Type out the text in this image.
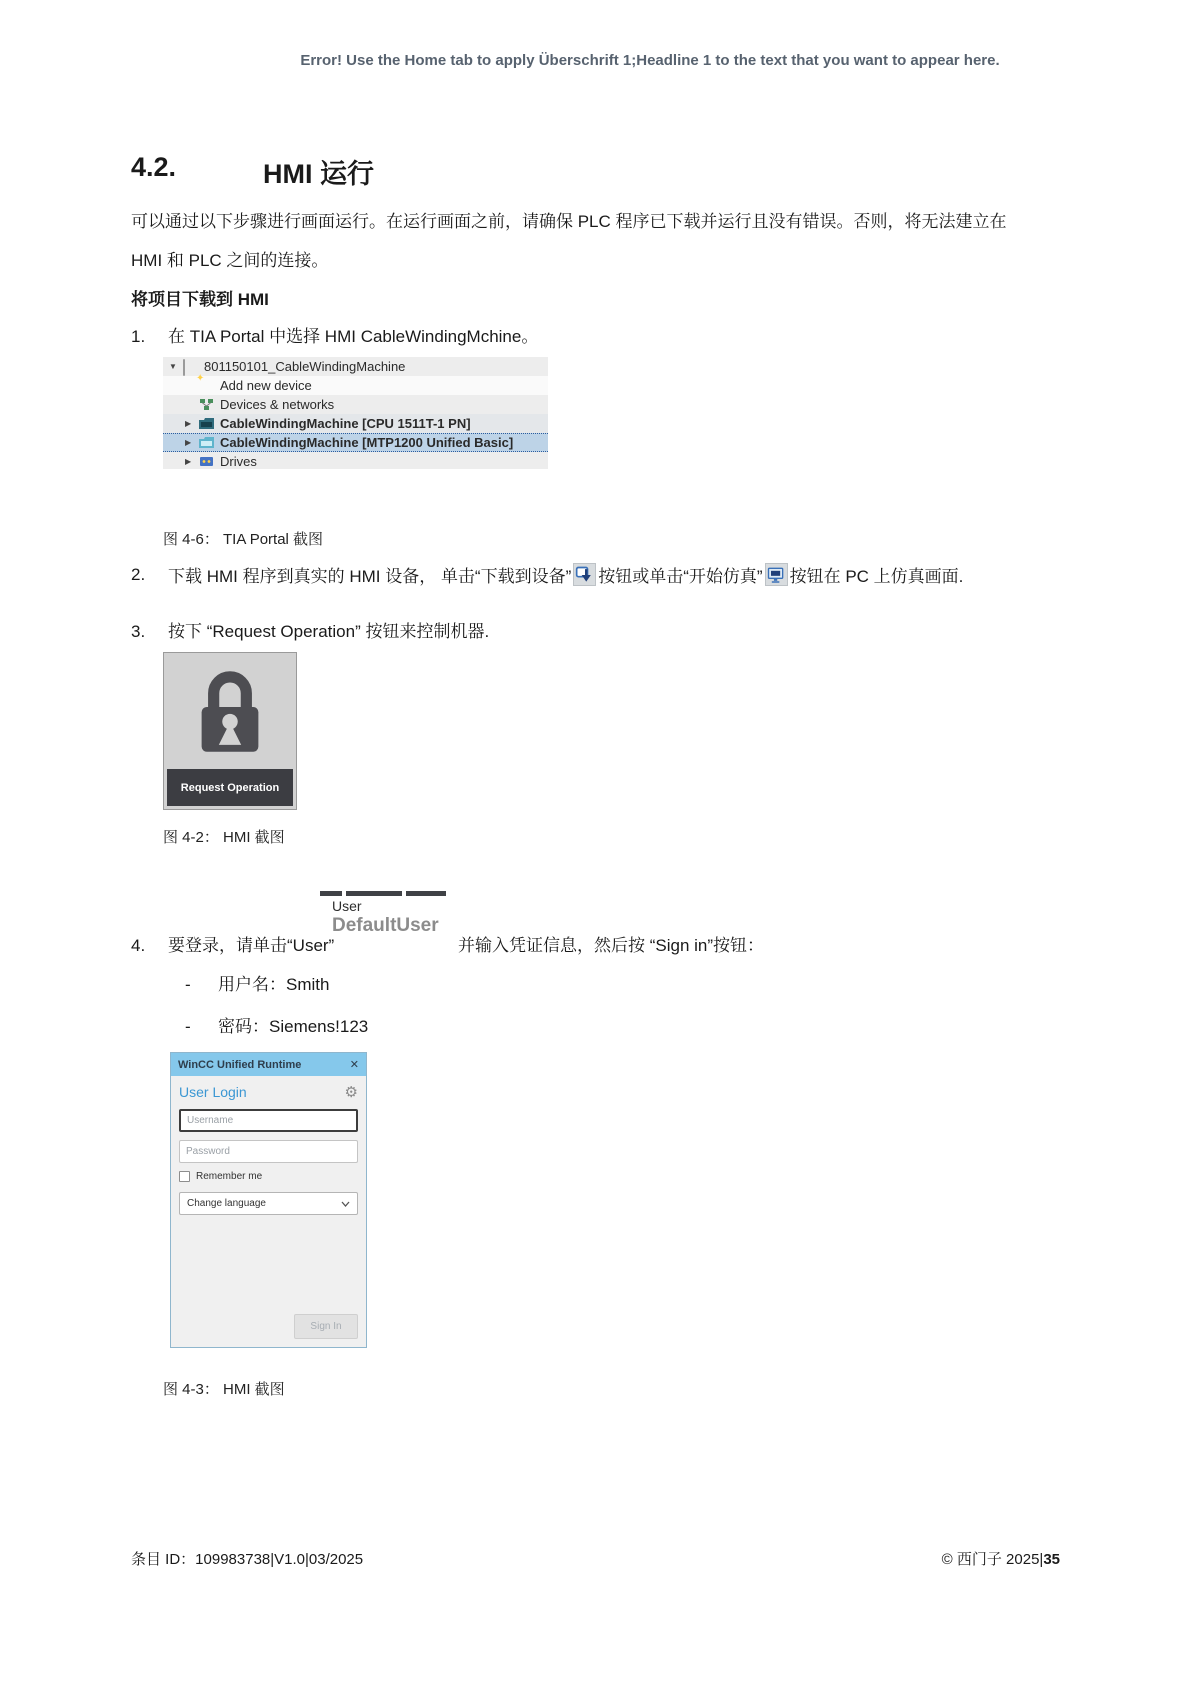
Error! Use the Home tab to apply Überschrift 1;Headline 1 to the text that you want to appear here.
4.2.	HMI 运行
可以通过以下步骤进行画面运行。在运行画面之前，请确保 PLC 程序已下载并运行且没有错误。否则，将无法建立在 HMI 和 PLC 之间的连接。
将项目下载到 HMI
1. 在 TIA Portal 中选择 HMI CableWindingMchine。
▼	801150101_CableWindingMachine
Add new device
Devices & networks
▶	CableWindingMachine [CPU 1511T-1 PN]
▶	CableWindingMachine [MTP1200 Unified Basic]
▶	Drives
图 4-6： TIA Portal 截图
2.	下载 HMI 程序到真实的 HMI 设备， 单击“下载到设备” 按钮或单击“开始仿真” 按钮在 PC 上仿真画面.
3. 按下 “Request Operation” 按钮来控制机器.
Request Operation
图 4-2： HMI 截图
User
DefaultUser
4. 要登录，请单击“User”	并输入凭证信息，然后按 “Sign in”按钮：
- 用户名：Smith
- 密码：Siemens!123
WinCC Unified Runtime	✕
User Login	⚙
Username
Password
Remember me
Change language
Sign In
图 4-3： HMI 截图
条目 ID：109983738|V1.0|03/2025	© 西门子 2025|35
